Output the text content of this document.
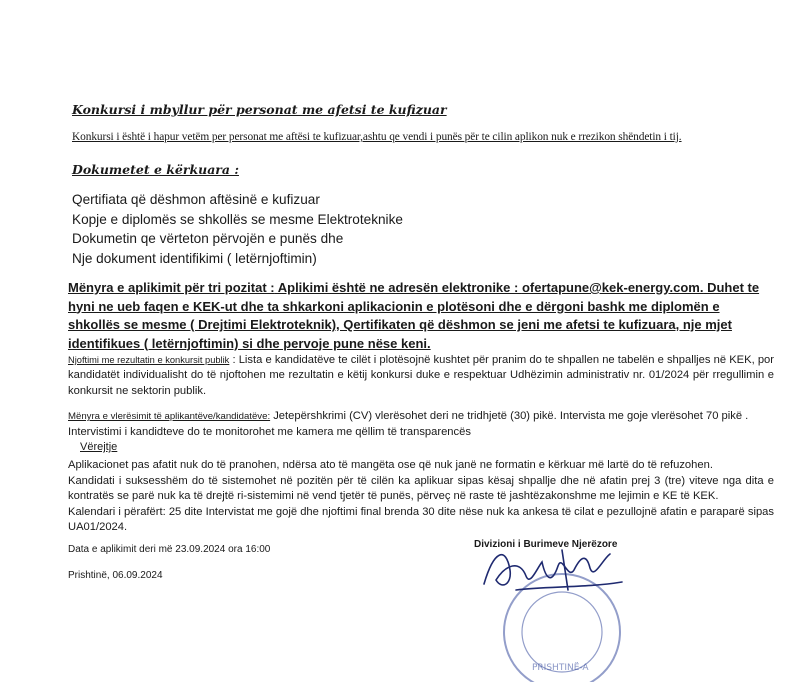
Konkursi i mbyllur për personat me afetsi te kufizuar
Konkursi i është i hapur vetëm per personat me aftësi te kufizuar,ashtu qe vendi i punës për te cilin aplikon nuk e rrezikon shëndetin i tij.
Dokumetet e kërkuara :
Qertifiata që dëshmon aftësinë e kufizuar
Kopje e diplomës se shkollës se mesme Elektroteknike
Dokumetin qe vërteton përvojën e punës dhe
Nje dokument identifikimi ( letërnjoftimin)
Mënyra e aplikimit për tri pozitat : Aplikimi është ne adresën elektronike : ofertapune@kek-energy.com. Duhet te hyni ne ueb faqen e KEK-ut dhe ta shkarkoni aplikacionin e plotësoni dhe e dërgoni bashk me diplomën e shkollës se mesme ( Drejtimi Elektroteknik), Qertifikaten që dëshmon se jeni me afetsi te kufizuara, nje mjet identifikues ( letërnjoftimin) si dhe pervoje pune nëse keni.
Njoftimi me rezultatin e konkursit publik : Lista e kandidatëve te cilët i plotësojnë kushtet për pranim do te shpallen ne tabelën e shpalljes në KEK, por kandidatët individualisht do të njoftohen me rezultatin e këtij konkursi duke e respektuar Udhëzimin administrativ nr. 01/2024 për rregullimin e konkursit ne sektorin publik.
Mënyra e vlerësimit të aplikantëve/kandidatëve: Jetepërshkrimi (CV) vlerësohet deri ne tridhjetë (30) pikë. Intervista me goje vlerësohet 70 pikë . Intervistimi i kandidteve do te monitorohet me kamera me qëllim të transparencës
Vërejtje
Aplikacionet pas afatit nuk do të pranohen, ndërsa ato të mangëta ose që nuk janë ne formatin e kërkuar më lartë do të refuzohen.
Kandidati i suksesshëm do të sistemohet në pozitën për të cilën ka aplikuar sipas kësaj shpallje dhe në afatin prej 3 (tre) viteve nga dita e kontratës se parë nuk ka të drejtë ri-sistemimi në vend tjetër të punës, përveç në raste të jashtëzakonshme me lejimin e KE të KEK.
Kalendari i përafërt: 25 dite Intervistat me gojë dhe njoftimi final brenda 30 dite nëse nuk ka ankesa të cilat e pezullojnë afatin e paraparë sipas UA01/2024.
Data e aplikimit deri më 23.09.2024 ora 16:00
Prishtinë, 06.09.2024
PRISHTINË-A
Divizioni i Burimeve Njerëzore
